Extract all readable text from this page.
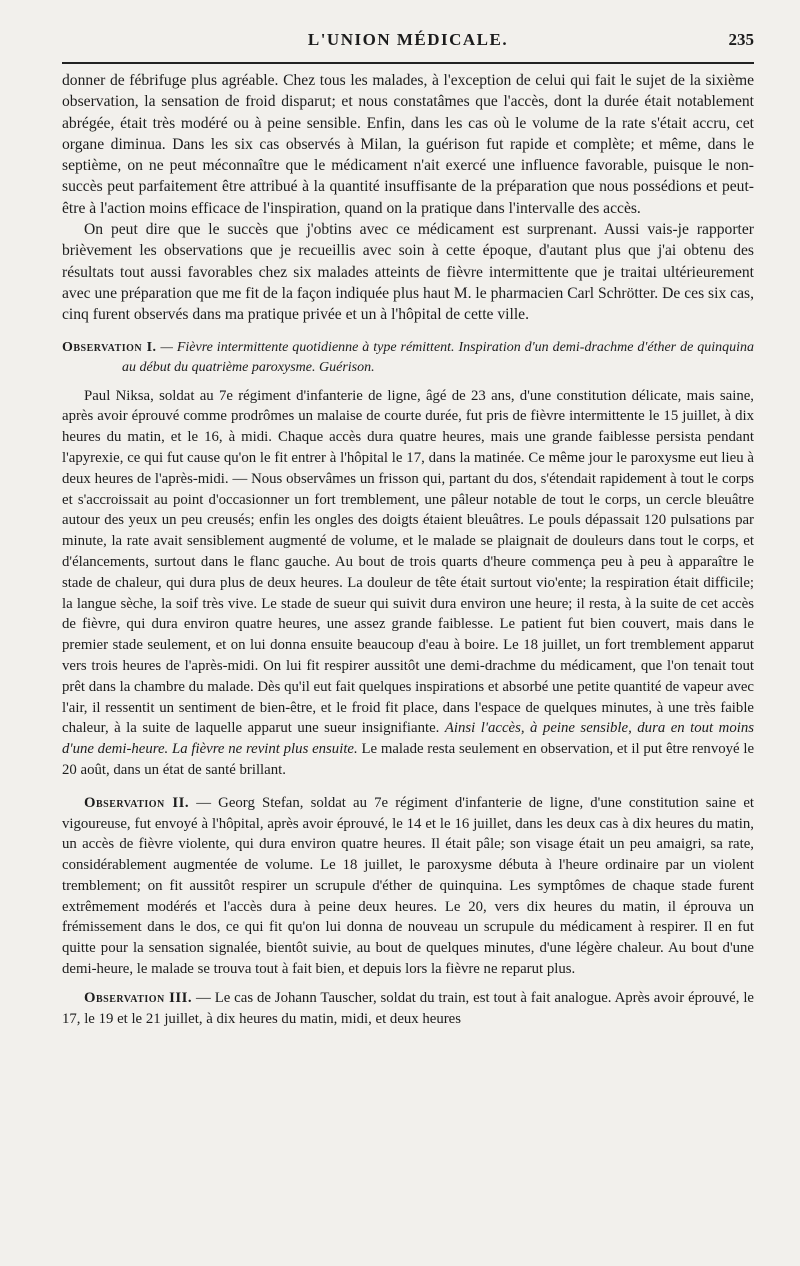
L'UNION MÉDICALE.	235

donner de fébrifuge plus agréable. Chez tous les malades, à l'exception de celui qui fait le sujet de la sixième observation, la sensation de froid disparut; et nous constatâmes que l'accès, dont la durée était notablement abrégée, était très modéré ou à peine sensible. Enfin, dans les cas où le volume de la rate s'était accru, cet organe diminua. Dans les six cas observés à Milan, la guérison fut rapide et complète; et même, dans le septième, on ne peut méconnaître que le médicament n'ait exercé une influence favorable, puisque le non-succès peut parfaitement être attribué à la quantité insuffisante de la préparation que nous possédions et peut-être à l'action moins efficace de l'inspiration, quand on la pratique dans l'intervalle des accès.

On peut dire que le succès que j'obtins avec ce médicament est surprenant. Aussi vais-je rapporter brièvement les observations que je recueillis avec soin à cette époque, d'autant plus que j'ai obtenu des résultats tout aussi favorables chez six malades atteints de fièvre intermittente que je traitai ultérieurement avec une préparation que me fit de la façon indiquée plus haut M. le pharmacien Carl Schrötter. De ces six cas, cinq furent observés dans ma pratique privée et un à l'hôpital de cette ville.

Observation I. — Fièvre intermittente quotidienne à type rémittent. Inspiration d'un demi-drachme d'éther de quinquina au début du quatrième paroxysme. Guérison.

Paul Niksa, soldat au 7e régiment d'infanterie de ligne, âgé de 23 ans, d'une constitution délicate, mais saine, après avoir éprouvé comme prodrômes un malaise de courte durée, fut pris de fièvre intermittente le 15 juillet, à dix heures du matin, et le 16, à midi. Chaque accès dura quatre heures, mais une grande faiblesse persista pendant l'apyrexie, ce qui fut cause qu'on le fit entrer à l'hôpital le 17, dans la matinée. Ce même jour le paroxysme eut lieu à deux heures de l'après-midi. — Nous observâmes un frisson qui, partant du dos, s'étendait rapidement à tout le corps et s'accroissait au point d'occasionner un fort tremblement, une pâleur notable de tout le corps, un cercle bleuâtre autour des yeux un peu creusés; enfin les ongles des doigts étaient bleuâtres. Le pouls dépassait 120 pulsations par minute, la rate avait sensiblement augmenté de volume, et le malade se plaignait de douleurs dans tout le corps, et d'élancements, surtout dans le flanc gauche. Au bout de trois quarts d'heure commença peu à peu à apparaître le stade de chaleur, qui dura plus de deux heures. La douleur de tête était surtout vio'ente; la respiration était difficile; la langue sèche, la soif très vive. Le stade de sueur qui suivit dura environ une heure; il resta, à la suite de cet accès de fièvre, qui dura environ quatre heures, une assez grande faiblesse. Le patient fut bien couvert, mais dans le premier stade seulement, et on lui donna ensuite beaucoup d'eau à boire. Le 18 juillet, un fort tremblement apparut vers trois heures de l'après-midi. On lui fit respirer aussitôt une demi-drachme du médicament, que l'on tenait tout prêt dans la chambre du malade. Dès qu'il eut fait quelques inspirations et absorbé une petite quantité de vapeur avec l'air, il ressentit un sentiment de bien-être, et le froid fit place, dans l'espace de quelques minutes, à une très faible chaleur, à la suite de laquelle apparut une sueur insignifiante. Ainsi l'accès, à peine sensible, dura en tout moins d'une demi-heure. La fièvre ne revint plus ensuite. Le malade resta seulement en observation, et il put être renvoyé le 20 août, dans un état de santé brillant.

Observation II. — Georg Stefan, soldat au 7e régiment d'infanterie de ligne, d'une constitution saine et vigoureuse, fut envoyé à l'hôpital, après avoir éprouvé, le 14 et le 16 juillet, dans les deux cas à dix heures du matin, un accès de fièvre violente, qui dura environ quatre heures. Il était pâle; son visage était un peu amaigri, sa rate, considérablement augmentée de volume. Le 18 juillet, le paroxysme débuta à l'heure ordinaire par un violent tremblement; on fit aussitôt respirer un scrupule d'éther de quinquina. Les symptômes de chaque stade furent extrêmement modérés et l'accès dura à peine deux heures. Le 20, vers dix heures du matin, il éprouva un frémissement dans le dos, ce qui fit qu'on lui donna de nouveau un scrupule du médicament à respirer. Il en fut quitte pour la sensation signalée, bientôt suivie, au bout de quelques minutes, d'une légère chaleur. Au bout d'une demi-heure, le malade se trouva tout à fait bien, et depuis lors la fièvre ne reparut plus.

Observation III. — Le cas de Johann Tauscher, soldat du train, est tout à fait analogue. Après avoir éprouvé, le 17, le 19 et le 21 juillet, à dix heures du matin, midi, et deux heures
